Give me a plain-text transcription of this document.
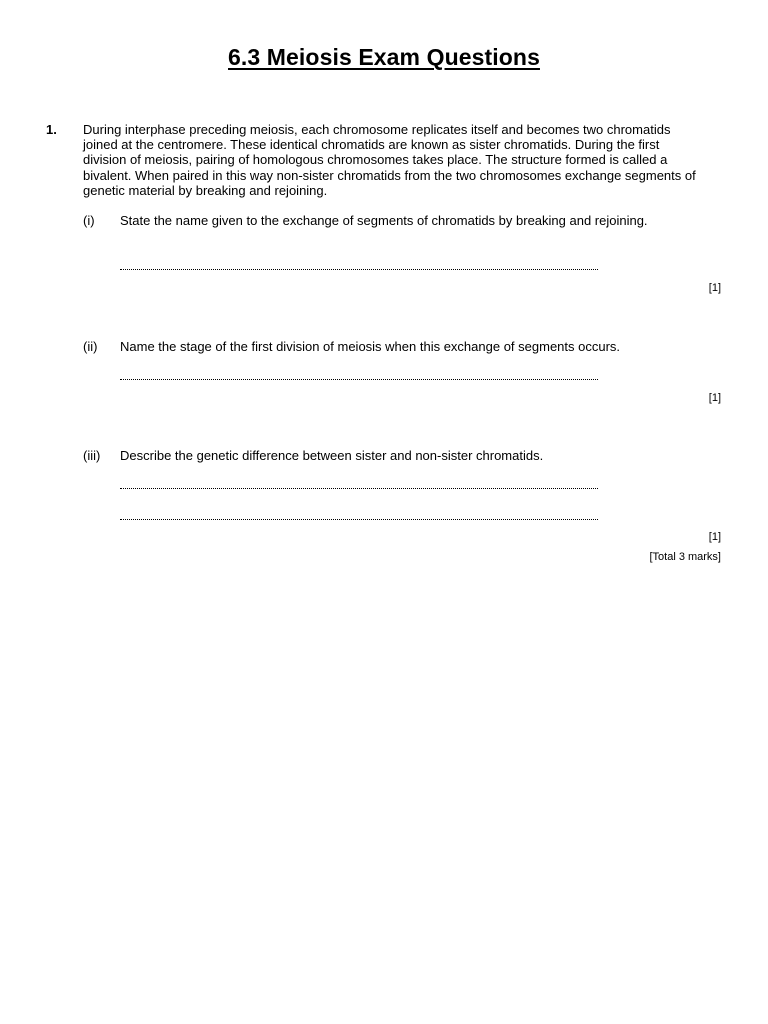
6.3 Meiosis Exam Questions
1. During interphase preceding meiosis, each chromosome replicates itself and becomes two chromatids joined at the centromere. These identical chromatids are known as sister chromatids. During the first division of meiosis, pairing of homologous chromosomes takes place. The structure formed is called a bivalent. When paired in this way non-sister chromatids from the two chromosomes exchange segments of genetic material by breaking and rejoining.
(i) State the name given to the exchange of segments of chromatids by breaking and rejoining.
[1]
(ii) Name the stage of the first division of meiosis when this exchange of segments occurs.
[1]
(iii) Describe the genetic difference between sister and non-sister chromatids.
[1]
[Total 3 marks]
